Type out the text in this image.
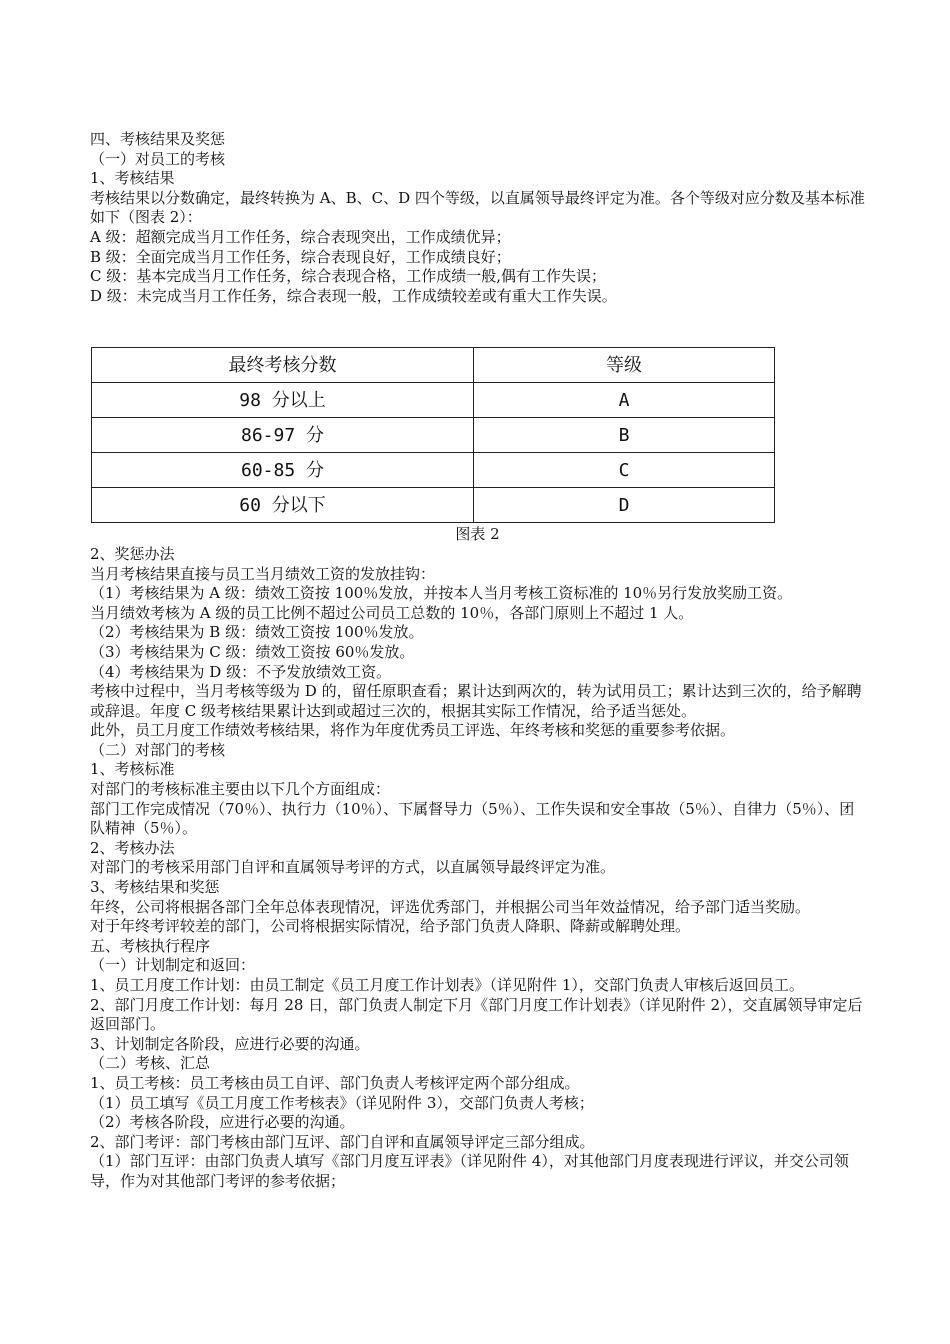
四、考核结果及奖惩
（一）对员工的考核
1、考核结果
考核结果以分数确定，最终转换为 A、B、C、D 四个等级，以直属领导最终评定为准。各个等级对应分数及基本标准如下（图表 2）：
A 级：超额完成当月工作任务，综合表现突出，工作成绩优异；
B 级：全面完成当月工作任务，综合表现良好，工作成绩良好；
C 级：基本完成当月工作任务，综合表现合格，工作成绩一般,偶有工作失误；
D 级：未完成当月工作任务，综合表现一般，工作成绩较差或有重大工作失误。
最终考核分数	等级
98 分以上	A
86-97 分	B
60-85 分	C
60 分以下	D
图表 2
2、奖惩办法
当月考核结果直接与员工当月绩效工资的发放挂钩：
（1）考核结果为 A 级：绩效工资按 100％发放，并按本人当月考核工资标准的 10％另行发放奖励工资。
当月绩效考核为 A 级的员工比例不超过公司员工总数的 10％，各部门原则上不超过 1 人。
（2）考核结果为 B 级：绩效工资按 100％发放。
（3）考核结果为 C 级：绩效工资按 60％发放。
（4）考核结果为 D 级：不予发放绩效工资。
考核中过程中，当月考核等级为 D 的，留任原职查看；累计达到两次的，转为试用员工；累计达到三次的，给予解聘或辞退。年度 C 级考核结果累计达到或超过三次的，根据其实际工作情况，给予适当惩处。
此外，员工月度工作绩效考核结果，将作为年度优秀员工评选、年终考核和奖惩的重要参考依据。
（二）对部门的考核
1、考核标准
对部门的考核标准主要由以下几个方面组成：
部门工作完成情况（70％）、执行力（10％）、下属督导力（5％）、工作失误和安全事故（5％）、自律力（5％）、团队精神（5％）。
2、考核办法
对部门的考核采用部门自评和直属领导考评的方式，以直属领导最终评定为准。
3、考核结果和奖惩
年终，公司将根据各部门全年总体表现情况，评选优秀部门，并根据公司当年效益情况，给予部门适当奖励。
对于年终考评较差的部门，公司将根据实际情况，给予部门负责人降职、降薪或解聘处理。
五、考核执行程序
（一）计划制定和返回：
1、员工月度工作计划：由员工制定《员工月度工作计划表》（详见附件 1），交部门负责人审核后返回员工。
2、部门月度工作计划：每月 28 日，部门负责人制定下月《部门月度工作计划表》（详见附件 2），交直属领导审定后返回部门。
3、计划制定各阶段，应进行必要的沟通。
（二）考核、汇总
1、员工考核：员工考核由员工自评、部门负责人考核评定两个部分组成。
（1）员工填写《员工月度工作考核表》（详见附件 3），交部门负责人考核；
（2）考核各阶段，应进行必要的沟通。
2、部门考评：部门考核由部门互评、部门自评和直属领导评定三部分组成。
（1）部门互评：由部门负责人填写《部门月度互评表》（详见附件 4），对其他部门月度表现进行评议，并交公司领导，作为对其他部门考评的参考依据；
